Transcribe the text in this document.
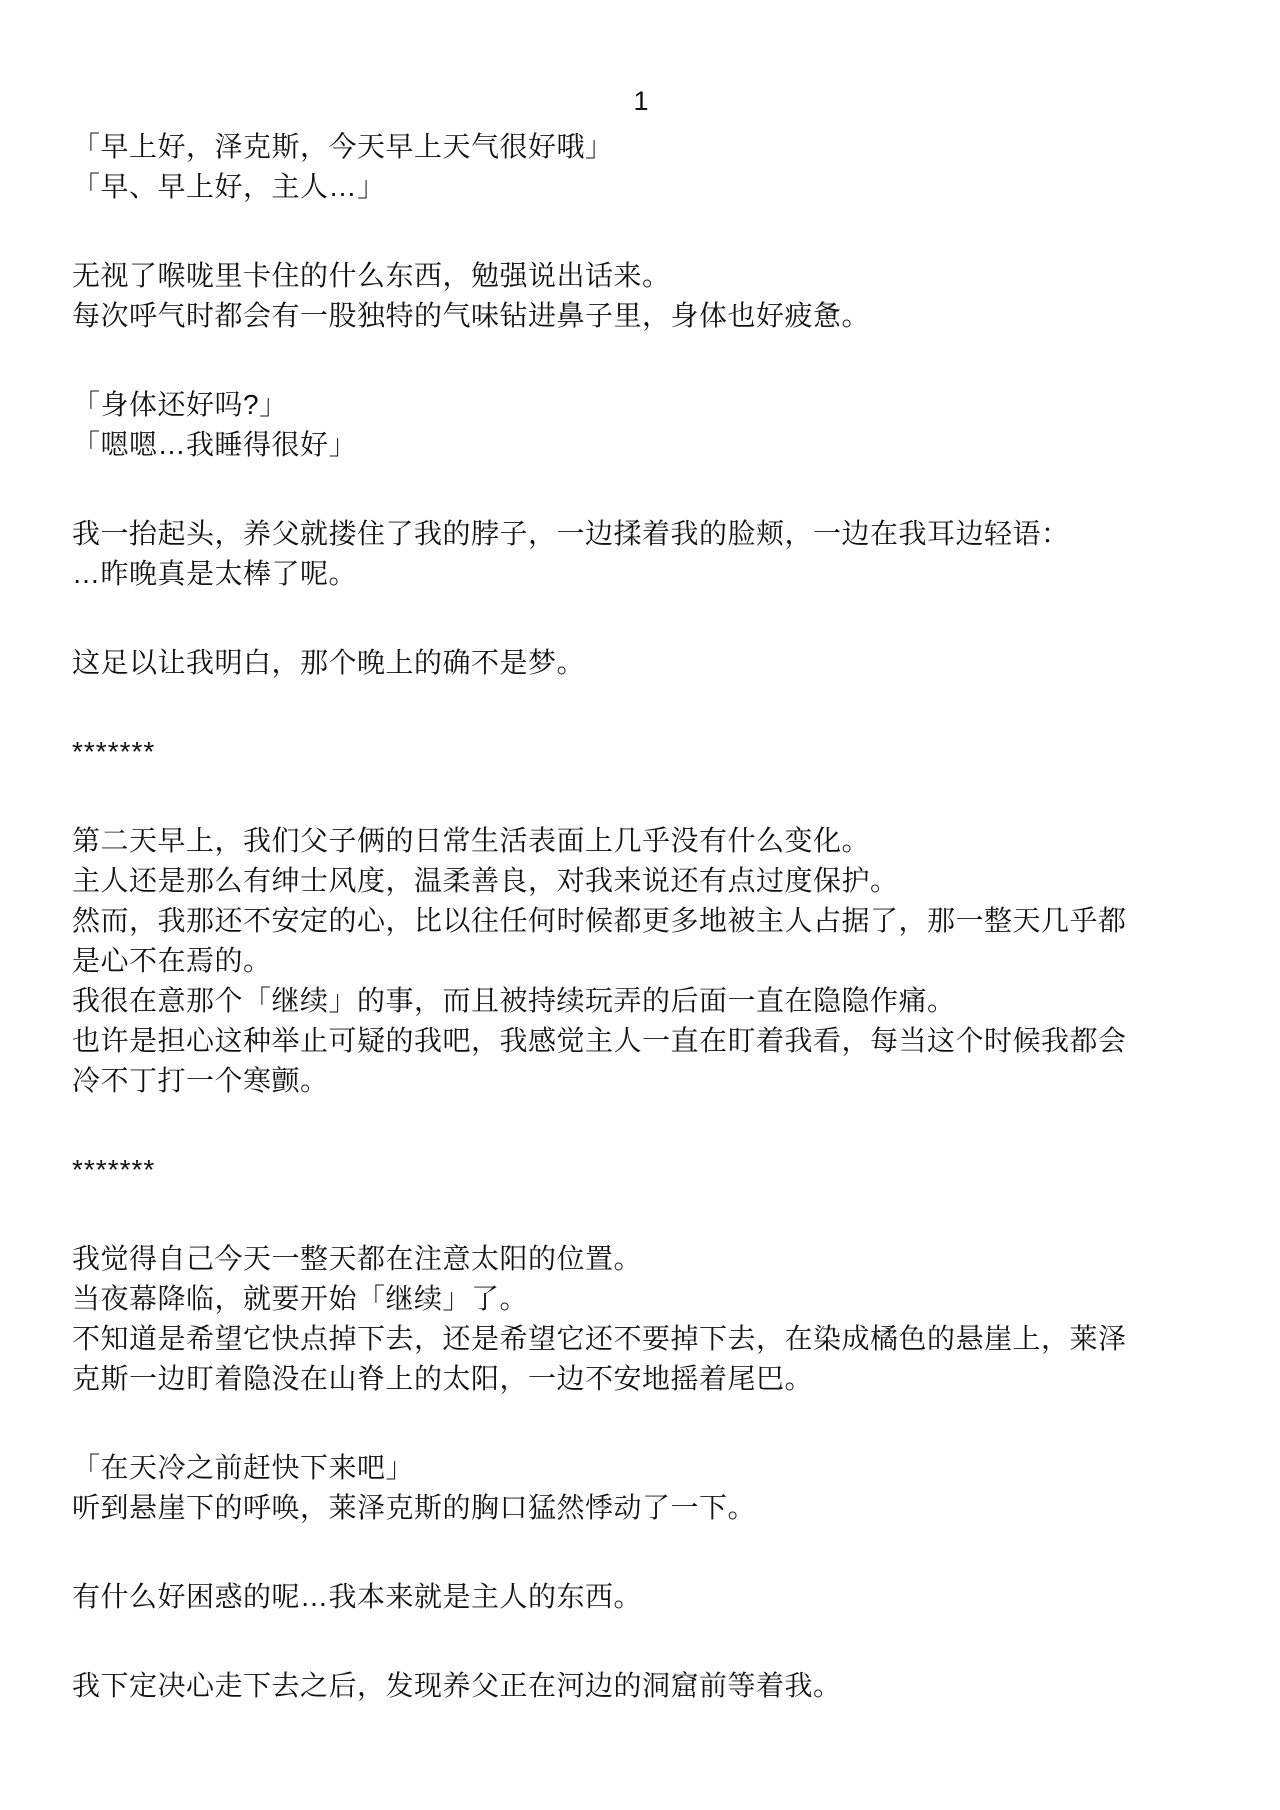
1

「早上好，泽克斯，今天早上天气很好哦」
「早、早上好，主人…」

无视了喉咙里卡住的什么东西，勉强说出话来。
每次呼气时都会有一股独特的气味钻进鼻子里，身体也好疲惫。

「身体还好吗?」
「嗯嗯…我睡得很好」

我一抬起头，养父就搂住了我的脖子，一边揉着我的脸颊，一边在我耳边轻语：
…昨晚真是太棒了呢。

这足以让我明白，那个晚上的确不是梦。

*******

第二天早上，我们父子俩的日常生活表面上几乎没有什么变化。
主人还是那么有绅士风度，温柔善良，对我来说还有点过度保护。
然而，我那还不安定的心，比以往任何时候都更多地被主人占据了，那一整天几乎都
是心不在焉的。
我很在意那个「继续」的事，而且被持续玩弄的后面一直在隐隐作痛。
也许是担心这种举止可疑的我吧，我感觉主人一直在盯着我看，每当这个时候我都会
冷不丁打一个寒颤。

*******

我觉得自己今天一整天都在注意太阳的位置。
当夜幕降临，就要开始「继续」了。
不知道是希望它快点掉下去，还是希望它还不要掉下去，在染成橘色的悬崖上，莱泽
克斯一边盯着隐没在山脊上的太阳，一边不安地摇着尾巴。

「在天冷之前赶快下来吧」
听到悬崖下的呼唤，莱泽克斯的胸口猛然悸动了一下。

有什么好困惑的呢…我本来就是主人的东西。

我下定决心走下去之后，发现养父正在河边的洞窟前等着我。
